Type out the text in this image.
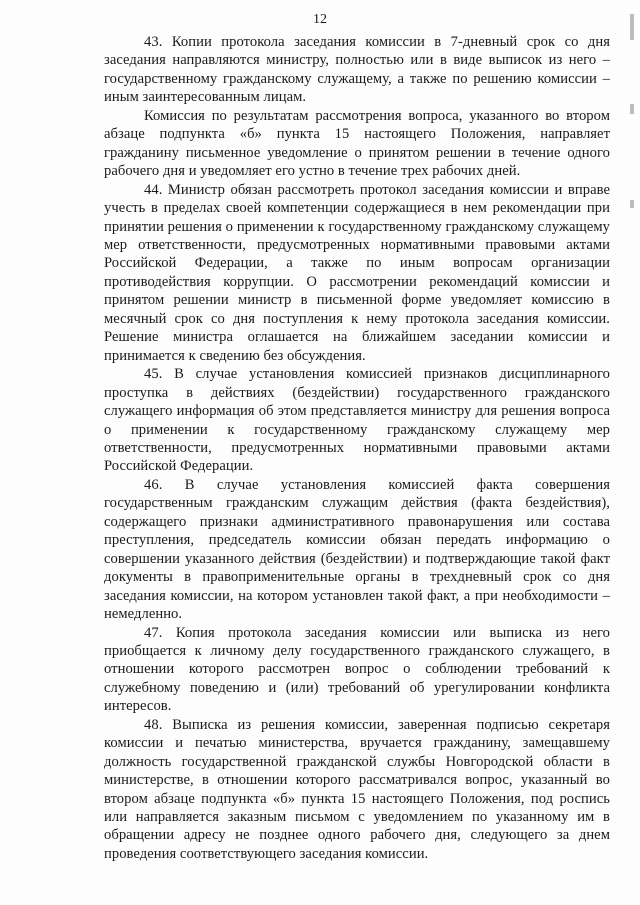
12

43. Копии протокола заседания комиссии в 7-дневный срок со дня заседания направляются министру, полностью или в виде выписок из него – государственному гражданскому служащему, а также по решению комиссии – иным заинтересованным лицам.

Комиссия по результатам рассмотрения вопроса, указанного во втором абзаце подпункта «б» пункта 15 настоящего Положения, направляет гражданину письменное уведомление о принятом решении в течение одного рабочего дня и уведомляет его устно в течение трех рабочих дней.

44. Министр обязан рассмотреть протокол заседания комиссии и вправе учесть в пределах своей компетенции содержащиеся в нем рекомендации при принятии решения о применении к государственному гражданскому служащему мер ответственности, предусмотренных нормативными правовыми актами Российской Федерации, а также по иным вопросам организации противодействия коррупции. О рассмотрении рекомендаций комиссии и принятом решении министр в письменной форме уведомляет комиссию в месячный срок со дня поступления к нему протокола заседания комиссии. Решение министра оглашается на ближайшем заседании комиссии и принимается к сведению без обсуждения.

45. В случае установления комиссией признаков дисциплинарного проступка в действиях (бездействии) государственного гражданского служащего информация об этом представляется министру для решения вопроса о применении к государственному гражданскому служащему мер ответственности, предусмотренных нормативными правовыми актами Российской Федерации.

46. В случае установления комиссией факта совершения государственным гражданским служащим действия (факта бездействия), содержащего признаки административного правонарушения или состава преступления, председатель комиссии обязан передать информацию о совершении указанного действия (бездействии) и подтверждающие такой факт документы в правоприменительные органы в трехдневный срок со дня заседания комиссии, на котором установлен такой факт, а при необходимости – немедленно.

47. Копия протокола заседания комиссии или выписка из него приобщается к личному делу государственного гражданского служащего, в отношении которого рассмотрен вопрос о соблюдении требований к служебному поведению и (или) требований об урегулировании конфликта интересов.

48. Выписка из решения комиссии, заверенная подписью секретаря комиссии и печатью министерства, вручается гражданину, замещавшему должность государственной гражданской службы Новгородской области в министерстве, в отношении которого рассматривался вопрос, указанный во втором абзаце подпункта «б» пункта 15 настоящего Положения, под роспись или направляется заказным письмом с уведомлением по указанному им в обращении адресу не позднее одного рабочего дня, следующего за днем проведения соответствующего заседания комиссии.
